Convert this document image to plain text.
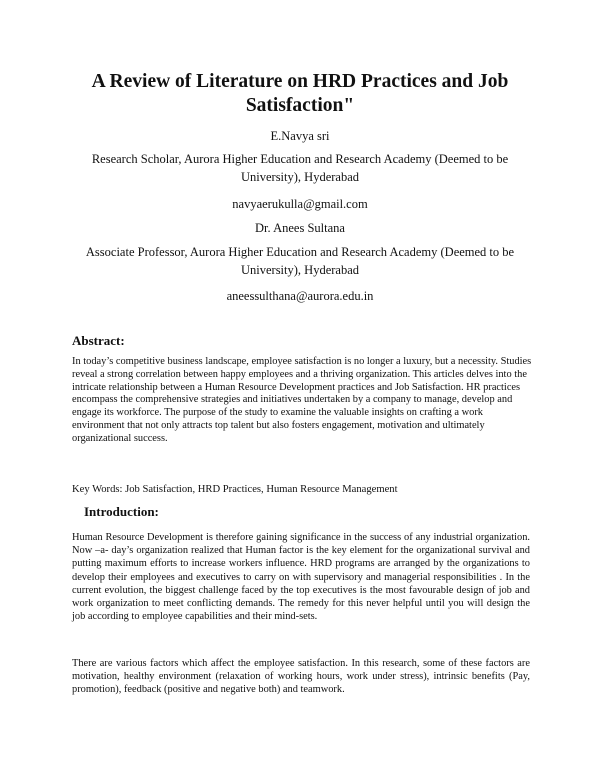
A Review of Literature on HRD Practices and Job Satisfaction"

E.Navya sri

Research Scholar, Aurora Higher Education and Research Academy (Deemed to be University), Hyderabad

navyaerukulla@gmail.com

Dr. Anees Sultana

Associate Professor, Aurora Higher Education and Research Academy (Deemed to be University), Hyderabad

aneessulthana@aurora.edu.in

Abstract:

In today’s competitive business landscape, employee satisfaction is no longer a luxury, but a necessity. Studies reveal a strong correlation between happy employees and a thriving organization. This articles delves into the intricate relationship between a Human Resource Development practices and Job Satisfaction. HR practices encompass the comprehensive strategies and initiatives undertaken by a company to manage, develop and engage its workforce. The purpose of the study to examine the valuable insights on crafting a work environment that not only attracts top talent but also fosters engagement, motivation and ultimately organizational success.

Key Words: Job Satisfaction, HRD Practices, Human Resource Management

Introduction:

Human Resource Development is therefore gaining significance in the success of any industrial organization. Now –a- day’s organization realized that Human factor is the key element for the organizational survival and putting maximum efforts to increase workers influence. HRD programs are arranged by the organizations to develop their employees and executives to carry on with supervisory and managerial responsibilities . In the current evolution, the biggest challenge faced by the top executives is the most favourable design of job and work organization to meet conflicting demands. The remedy for this never helpful until you will design the job according to employee capabilities and their mind-sets.

There are various factors which affect the employee satisfaction. In this research, some of these factors are motivation, healthy environment (relaxation of working hours, work under stress), intrinsic benefits (Pay, promotion), feedback (positive and negative both) and teamwork.
